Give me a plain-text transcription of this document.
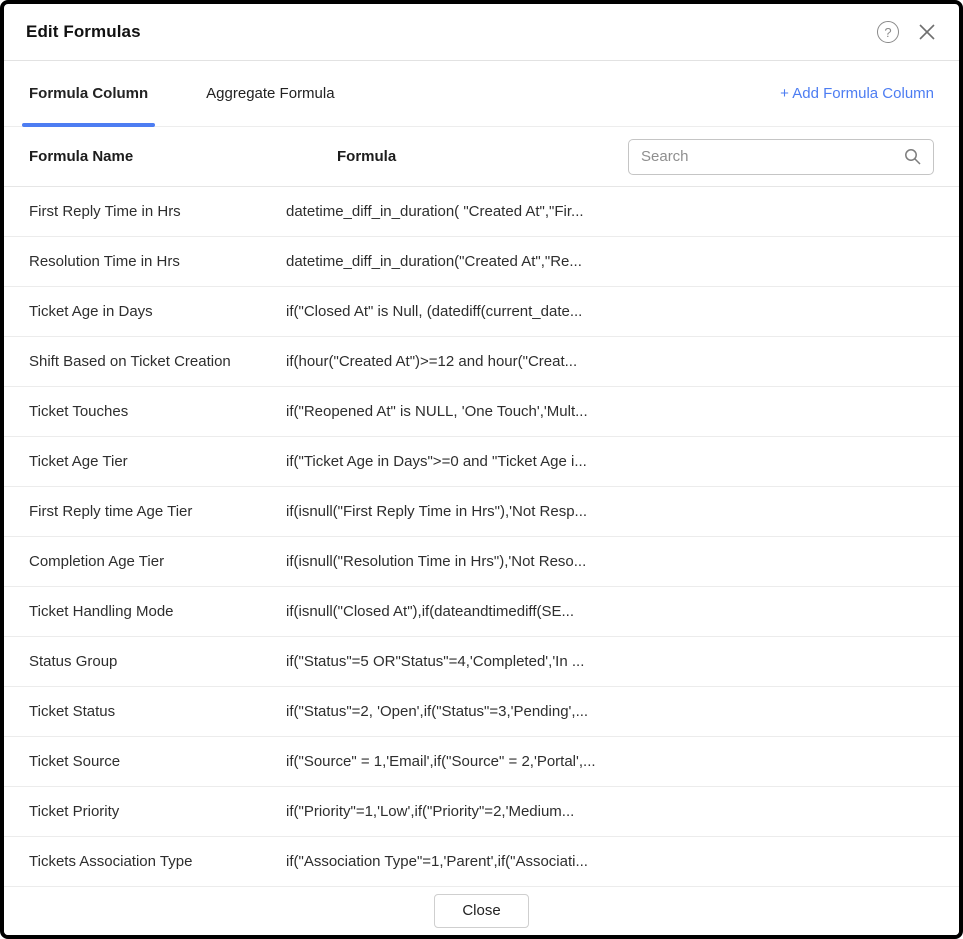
Edit Formulas	?
Formula Column	Aggregate Formula	+ Add Formula Column
Formula Name	Formula
Search
First Reply Time in Hrs	datetime_diff_in_duration( "Created At","Fir...
Resolution Time in Hrs	datetime_diff_in_duration("Created At","Re...
Ticket Age in Days	if("Closed At" is Null, (datediff(current_date...
Shift Based on Ticket Creation	if(hour("Created At")>=12 and hour("Creat...
Ticket Touches	if("Reopened At" is NULL, 'One Touch','Mult...
Ticket Age Tier	if("Ticket Age in Days">=0 and "Ticket Age i...
First Reply time Age Tier	if(isnull("First Reply Time in Hrs"),'Not Resp...
Completion Age Tier	if(isnull("Resolution Time in Hrs"),'Not Reso...
Ticket Handling Mode	if(isnull("Closed At"),if(dateandtimediff(SE...
Status Group	if("Status"=5 OR"Status"=4,'Completed','In ...
Ticket Status	if("Status"=2, 'Open',if("Status"=3,'Pending',...
Ticket Source	if("Source" = 1,'Email',if("Source" = 2,'Portal',...
Ticket Priority	if("Priority"=1,'Low',if("Priority"=2,'Medium...
Tickets Association Type	if("Association Type"=1,'Parent',if("Associati...
Close
